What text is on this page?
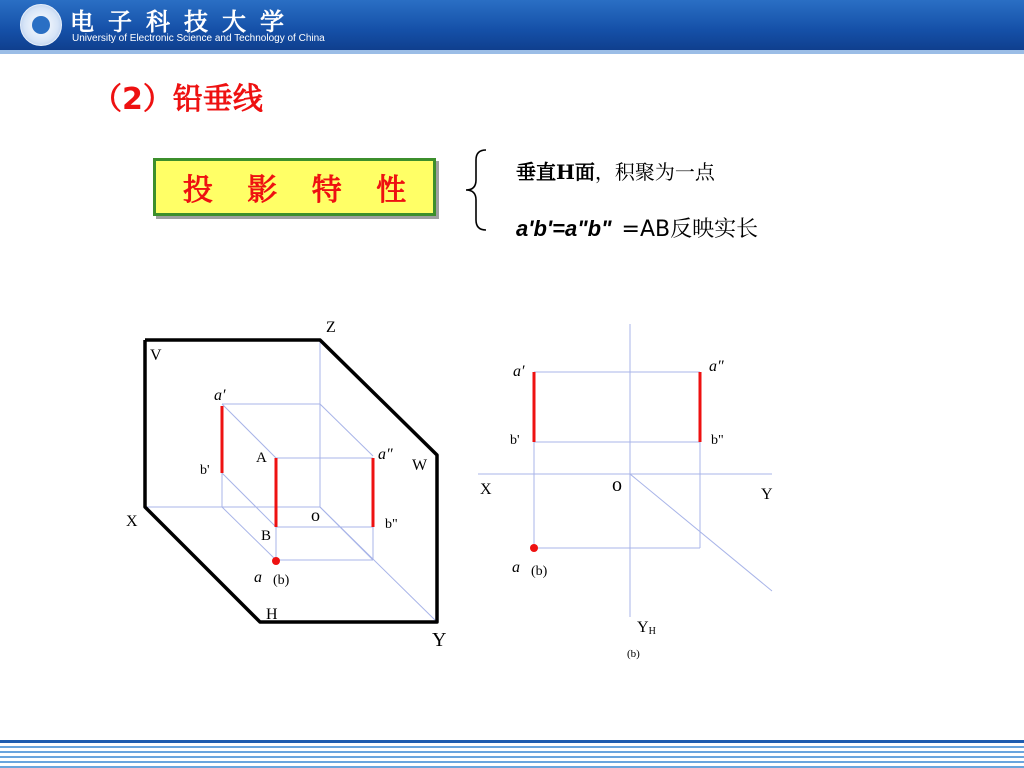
电子科技大学
University of Electronic Science and Technology of China
（2）铅垂线
投 影 特 性
垂直H面，积聚为一点
a'b'=a"b" =AB反映实长
V
Z
W
X
H
Y
o
A
B
a′
b'
a″
b"
a (b)
X	o	Y
a′
b'
a″
b"
a (b)
YH
(b)
